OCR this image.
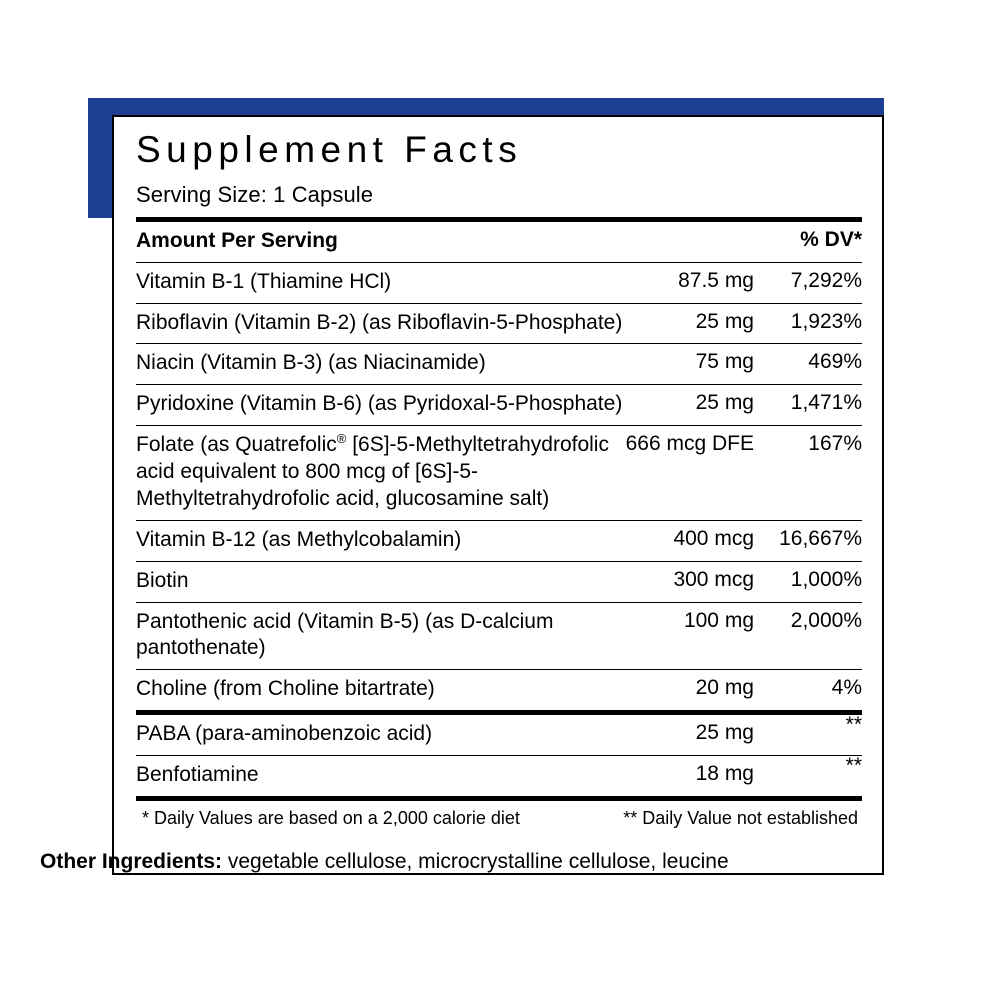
Supplement Facts
Serving Size: 1 Capsule
Amount Per Serving		% DV*
Vitamin B-1 (Thiamine HCl)	87.5 mg	7,292%
Riboflavin (Vitamin B-2) (as Riboflavin-5-Phosphate)	25 mg	1,923%
Niacin (Vitamin B-3) (as Niacinamide)	75 mg	469%
Pyridoxine (Vitamin B-6) (as Pyridoxal-5-Phosphate)	25 mg	1,471%
Folate (as Quatrefolic® [6S]-5-Methyltetrahydrofolic acid equivalent to 800 mcg of [6S]-5-Methyltetrahydrofolic acid, glucosamine salt)	666 mcg DFE	167%
Vitamin B-12 (as Methylcobalamin)	400 mcg	16,667%
Biotin	300 mcg	1,000%
Pantothenic acid (Vitamin B-5) (as D-calcium pantothenate)	100 mg	2,000%
Choline (from Choline bitartrate)	20 mg	4%
PABA (para-aminobenzoic acid)	25 mg	**
Benfotiamine	18 mg	**
* Daily Values are based on a 2,000 calorie diet	** Daily Value not established
Other Ingredients: vegetable cellulose, microcrystalline cellulose, leucine
